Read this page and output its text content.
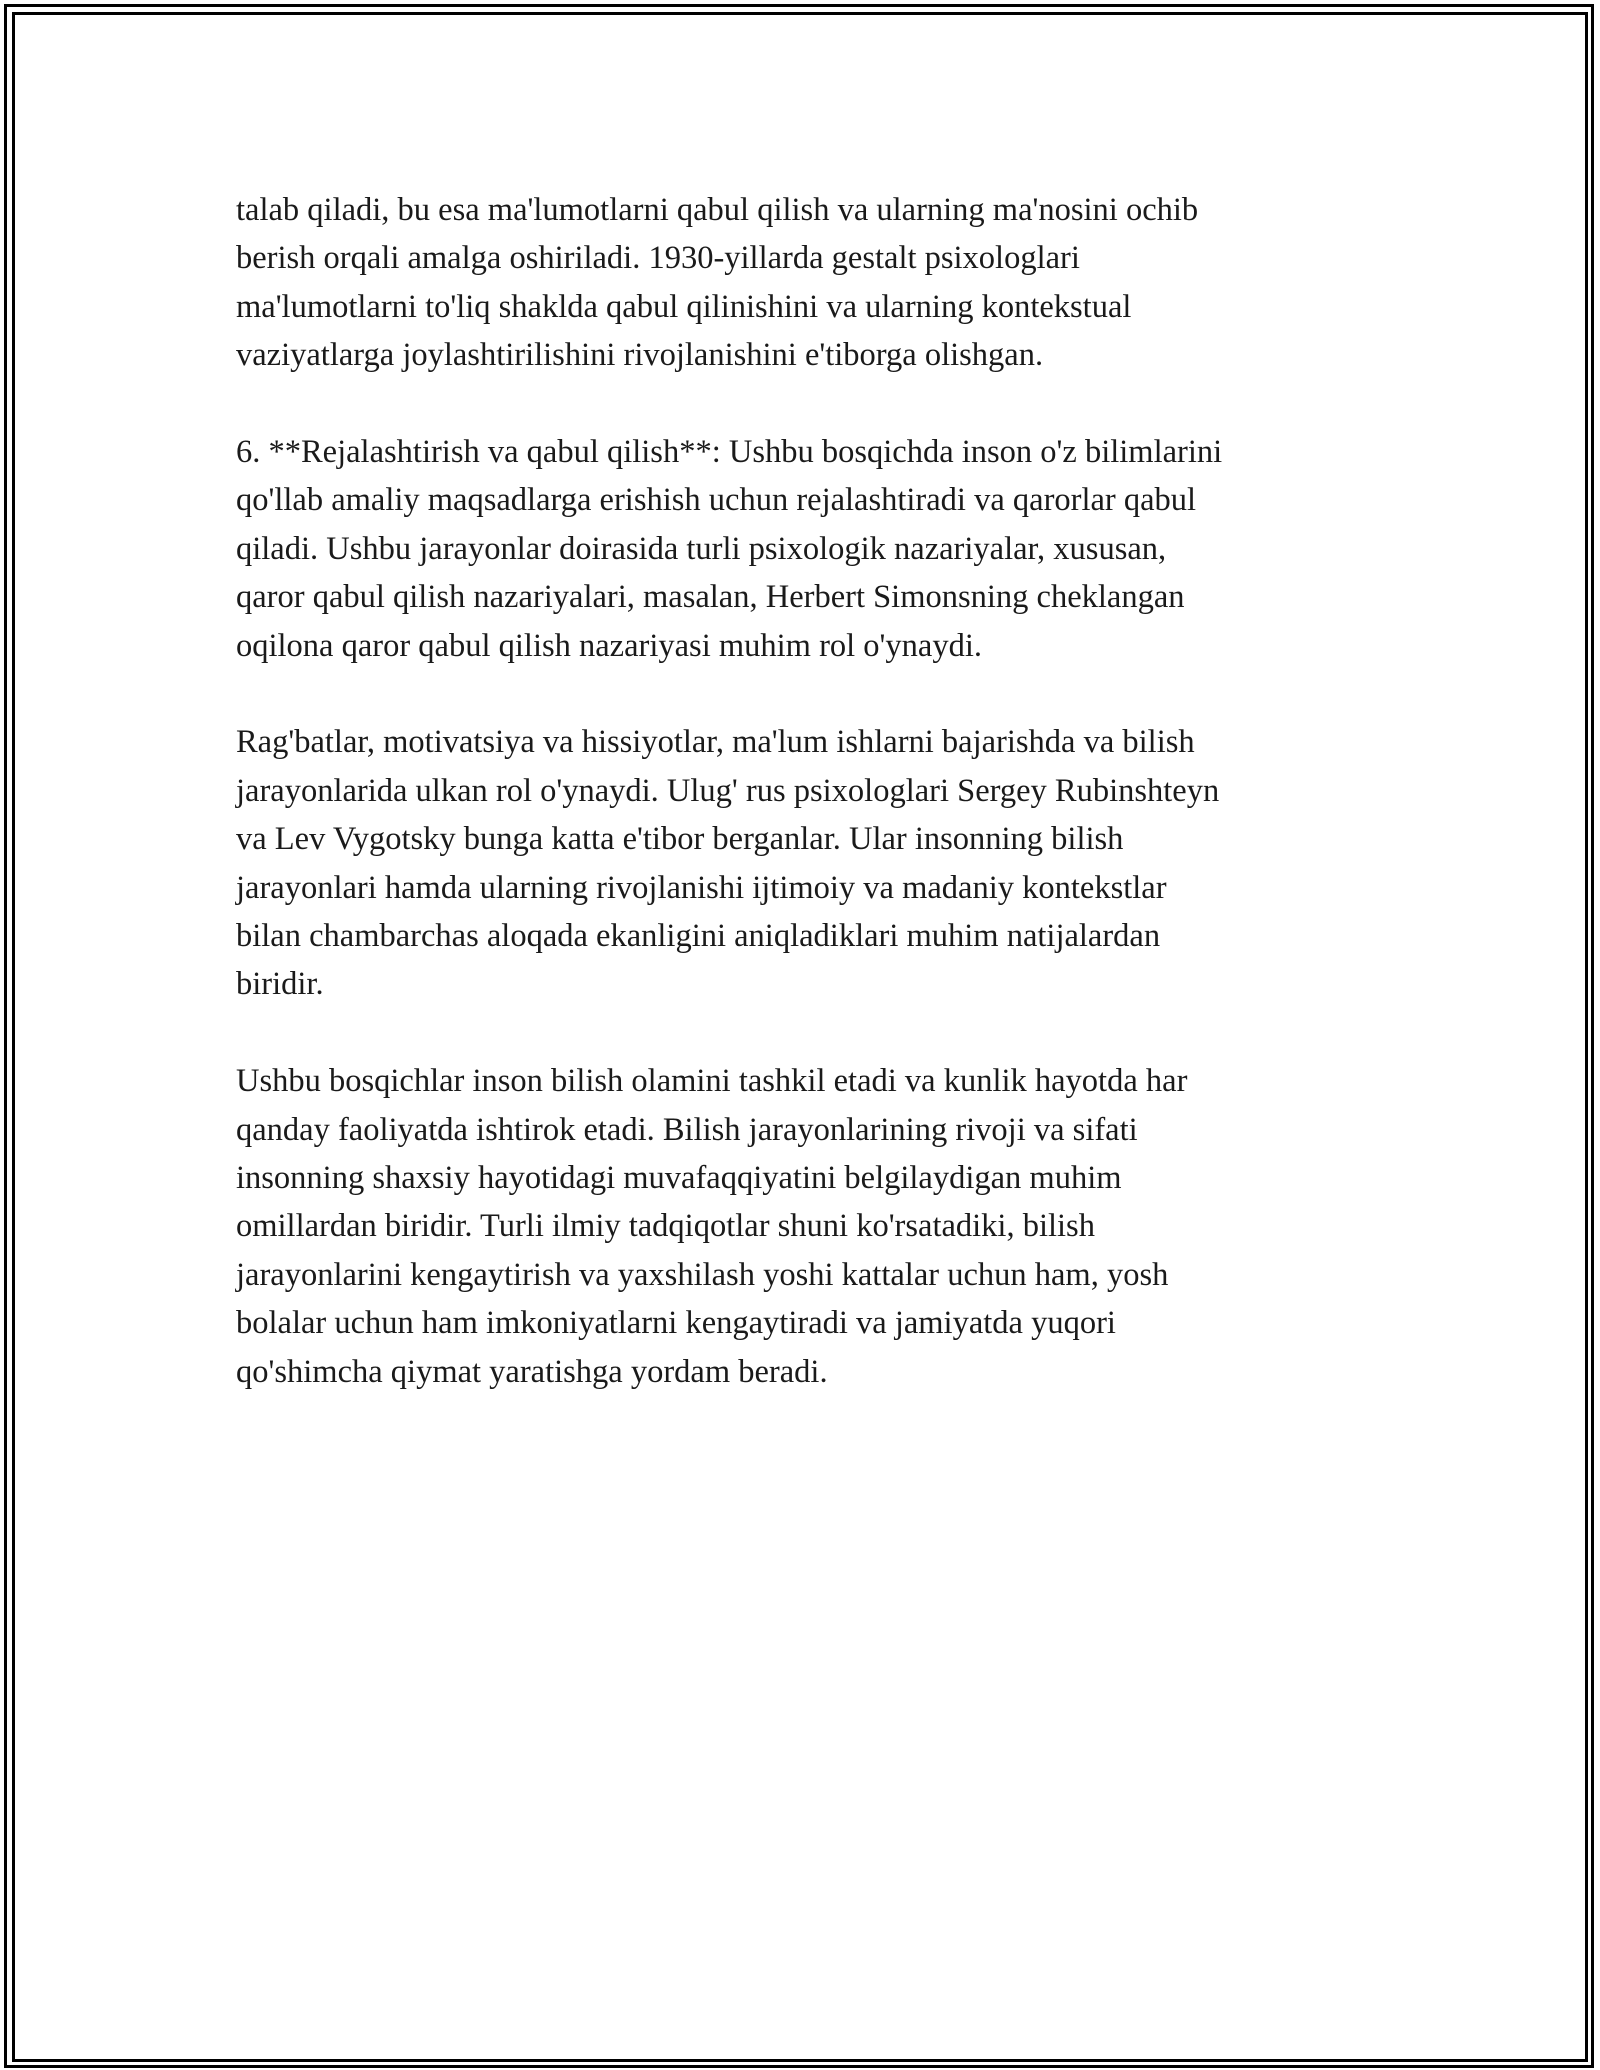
talab qiladi, bu esa ma'lumotlarni qabul qilish va ularning ma'nosini ochib
berish orqali amalga oshiriladi. 1930-yillarda gestalt psixologlari
ma'lumotlarni to'liq shaklda qabul qilinishini va ularning kontekstual
vaziyatlarga joylashtirilishini rivojlanishini e'tiborga olishgan.

6. **Rejalashtirish va qabul qilish**: Ushbu bosqichda inson o'z bilimlarini
qo'llab amaliy maqsadlarga erishish uchun rejalashtiradi va qarorlar qabul
qiladi. Ushbu jarayonlar doirasida turli psixologik nazariyalar, xususan,
qaror qabul qilish nazariyalari, masalan, Herbert Simonsning cheklangan
oqilona qaror qabul qilish nazariyasi muhim rol o'ynaydi.

Rag'batlar, motivatsiya va hissiyotlar, ma'lum ishlarni bajarishda va bilish
jarayonlarida ulkan rol o'ynaydi. Ulug' rus psixologlari Sergey Rubinshteyn
va Lev Vygotsky bunga katta e'tibor berganlar. Ular insonning bilish
jarayonlari hamda ularning rivojlanishi ijtimoiy va madaniy kontekstlar
bilan chambarchas aloqada ekanligini aniqladiklari muhim natijalardan
biridir.

Ushbu bosqichlar inson bilish olamini tashkil etadi va kunlik hayotda har
qanday faoliyatda ishtirok etadi. Bilish jarayonlarining rivoji va sifati
insonning shaxsiy hayotidagi muvafaqqiyatini belgilaydigan muhim
omillardan biridir. Turli ilmiy tadqiqotlar shuni ko'rsatadiki, bilish
jarayonlarini kengaytirish va yaxshilash yoshi kattalar uchun ham, yosh
bolalar uchun ham imkoniyatlarni kengaytiradi va jamiyatda yuqori
qo'shimcha qiymat yaratishga yordam beradi.
